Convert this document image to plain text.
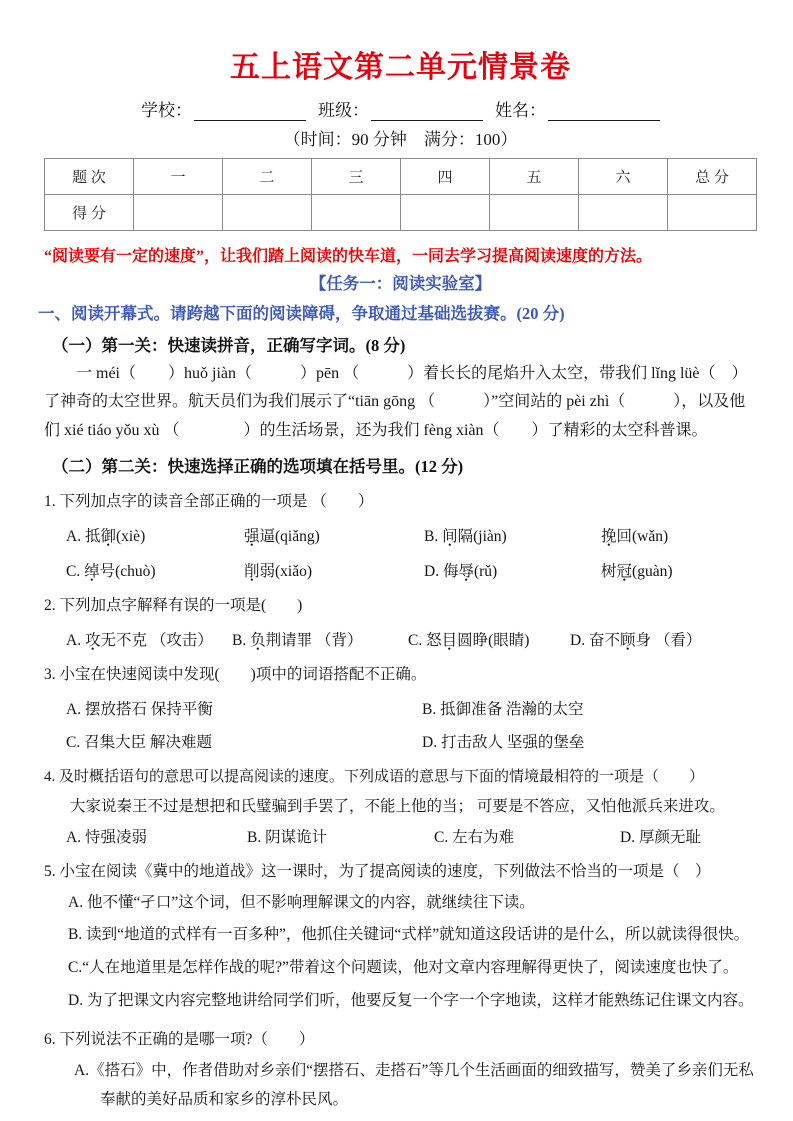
五上语文第二单元情景卷
学校：	班级：	姓名：
（时间：90 分钟　满分：100）
题 次	一	二	三	四	五	六	总 分
得 分							

“阅读要有一定的速度”，让我们踏上阅读的快车道，一同去学习提高阅读速度的方法。

【任务一：阅读实验室】

一、阅读开幕式。请跨越下面的阅读障碍，争取通过基础选拔赛。(20 分)

（一）第一关：快速读拼音，正确写字词。(8 分)

一 méi（　　）huǒ jiàn（　　　）pēn （　　　）着长长的尾焰升入太空，带我们 lǐng lüè（　）了神奇的太空世界。航天员们为我们展示了“tiān gōng （　　　）”空间站的 pèi zhì（　　　），以及他们 xié tiáo yǒu xù （　　　　）的生活场景，还为我们 fèng xiàn（　　）了精彩的太空科普课。

（二）第二关：快速选择正确的选项填在括号里。(12 分)

1. 下列加点字的读音全部正确的一项是 （　　）

A. 抵御(xiè)	强逼(qiǎng)	B. 间隔(jiàn)	挽回(wǎn)
C. 绰号(chuò)	削弱(xiǎo)	D. 侮辱(rǔ)	树冠(guàn)

2. 下列加点字解释有误的一项是(　　)

A. 攻无不克 （攻击）	B. 负荆请罪 （背）	C. 怒目圆睁(眼睛)	D. 奋不顾身 （看）

3. 小宝在快速阅读中发现(　　)项中的词语搭配不正确。

A. 摆放搭石 保持平衡	B. 抵御准备 浩瀚的太空
C. 召集大臣 解决难题	D. 打击敌人 坚强的堡垒

4. 及时概括语句的意思可以提高阅读的速度。下列成语的意思与下面的情境最相符的一项是（　　）

大家说秦王不过是想把和氏璧骗到手罢了，不能上他的当； 可要是不答应，又怕他派兵来进攻。

A. 恃强凌弱	B. 阴谋诡计	C. 左右为难	D. 厚颜无耻

5. 小宝在阅读《冀中的地道战》这一课时，为了提高阅读的速度，下列做法不恰当的一项是（　）

A. 他不懂“孑口”这个词，但不影响理解课文的内容，就继续往下读。

B. 读到“地道的式样有一百多种”，他抓住关键词“式样”就知道这段话讲的是什么，所以就读得很快。

C.“人在地道里是怎样作战的呢?”带着这个问题读，他对文章内容理解得更快了，阅读速度也快了。

D. 为了把课文内容完整地讲给同学们听，他要反复一个字一个字地读，这样才能熟练记住课文内容。

6. 下列说法不正确的是哪一项?（　　）

A.《搭石》中，作者借助对乡亲们“摆搭石、走搭石”等几个生活画面的细致描写，赞美了乡亲们无私奉献的美好品质和家乡的淳朴民风。
